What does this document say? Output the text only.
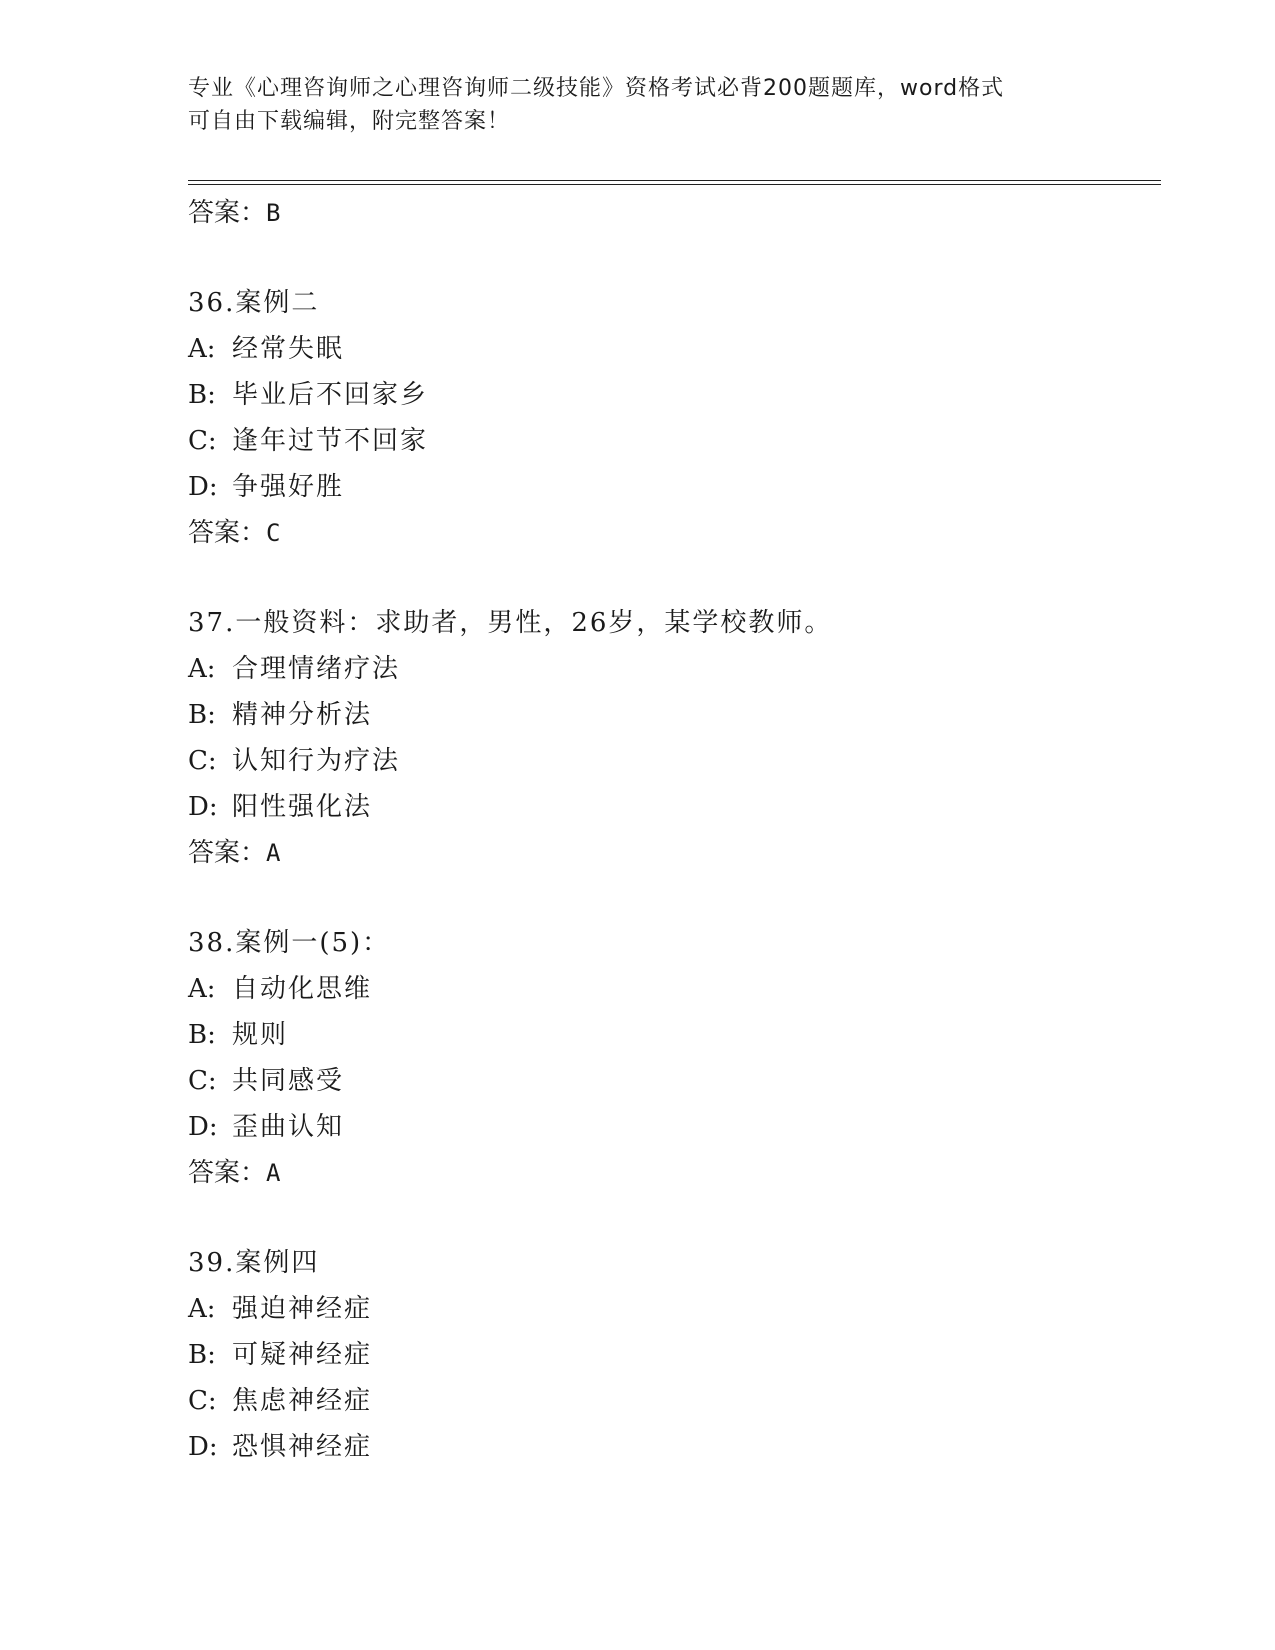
专业《心理咨询师之心理咨询师二级技能》资格考试必背200题题库，word格式
可自由下载编辑，附完整答案！
答案：B
36.案例二
A: 经常失眠
B: 毕业后不回家乡
C: 逢年过节不回家
D: 争强好胜
答案：C
37.一般资料：求助者，男性，26岁，某学校教师。
A: 合理情绪疗法
B: 精神分析法
C: 认知行为疗法
D: 阳性强化法
答案：A
38.案例一(5)：
A: 自动化思维
B: 规则
C: 共同感受
D: 歪曲认知
答案：A
39.案例四
A: 强迫神经症
B: 可疑神经症
C: 焦虑神经症
D: 恐惧神经症
